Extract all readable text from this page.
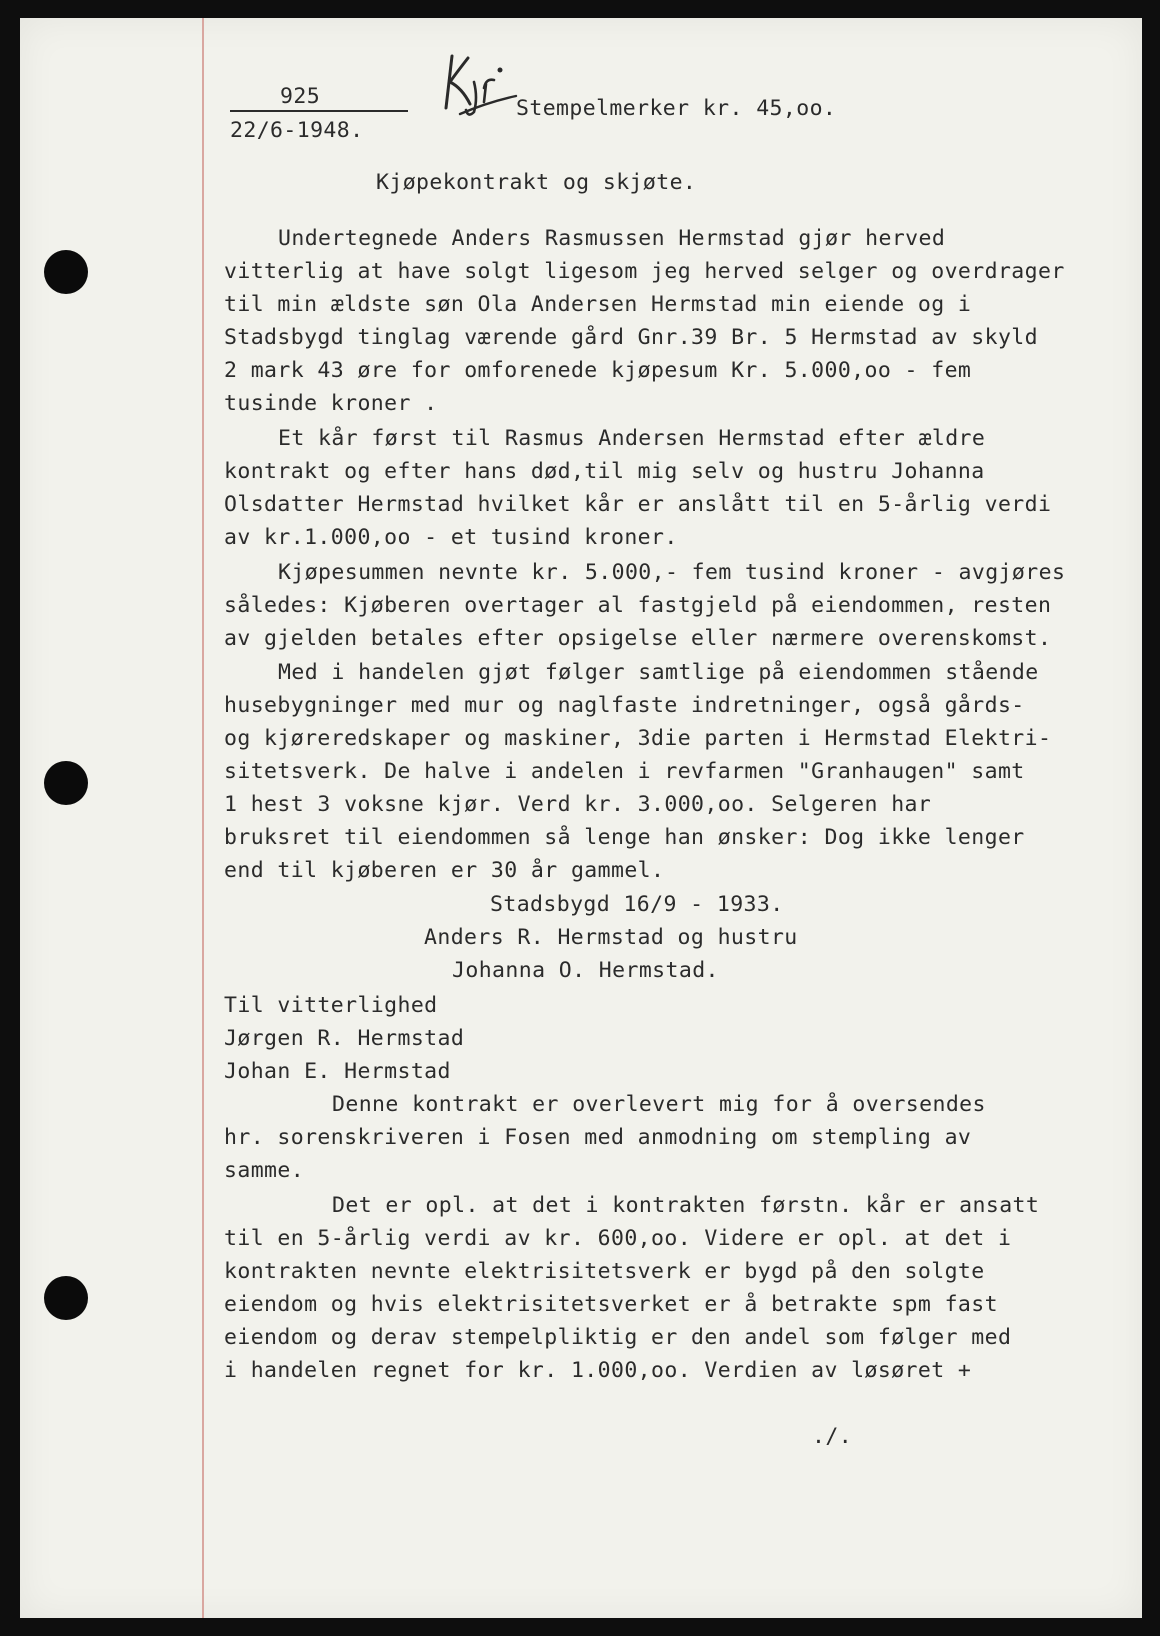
925
22/6-1948.
Stempelmerker kr. 45,oo.
Kjøpekontrakt og skjøte.
Undertegnede Anders Rasmussen Hermstad gjør herved
vitterlig at have solgt ligesom jeg herved selger og overdrager
til min ældste søn Ola Andersen Hermstad min eiende og i
Stadsbygd tinglag værende gård Gnr.39 Br. 5 Hermstad av skyld
2 mark 43 øre for omforenede kjøpesum Kr. 5.000,oo - fem
tusinde kroner .
Et kår først til Rasmus Andersen Hermstad efter ældre
kontrakt og efter hans død,til mig selv og hustru Johanna
Olsdatter Hermstad hvilket kår er anslått til en 5-årlig verdi
av kr.1.000,oo - et tusind kroner.
Kjøpesummen nevnte kr. 5.000,- fem tusind kroner - avgjøres
således: Kjøberen overtager al fastgjeld på eiendommen, resten
av gjelden betales efter opsigelse eller nærmere overenskomst.
Med i handelen gjøt følger samtlige på eiendommen stående
husebygninger med mur og naglfaste indretninger, også gårds-
og kjøreredskaper og maskiner, 3die parten i Hermstad Elektri-
sitetsverk. De halve i andelen i revfarmen "Granhaugen" samt
1 hest 3 voksne kjør. Verd kr. 3.000,oo. Selgeren har
bruksret til eiendommen så lenge han ønsker: Dog ikke lenger
end til kjøberen er 30 år gammel.
Stadsbygd 16/9 - 1933.
Anders R. Hermstad og hustru
Johanna O. Hermstad.
Til vitterlighed
Jørgen R. Hermstad
Johan E. Hermstad
Denne kontrakt er overlevert mig for å oversendes
hr. sorenskriveren i Fosen med anmodning om stempling av
samme.
Det er opl. at det i kontrakten førstn. kår er ansatt
til en 5-årlig verdi av kr. 600,oo. Videre er opl. at det i
kontrakten nevnte elektrisitetsverk er bygd på den solgte
eiendom og hvis elektrisitetsverket er å betrakte spm fast
eiendom og derav stempelpliktig er den andel som følger med
i handelen regnet for kr. 1.000,oo. Verdien av løsøret +
./.
